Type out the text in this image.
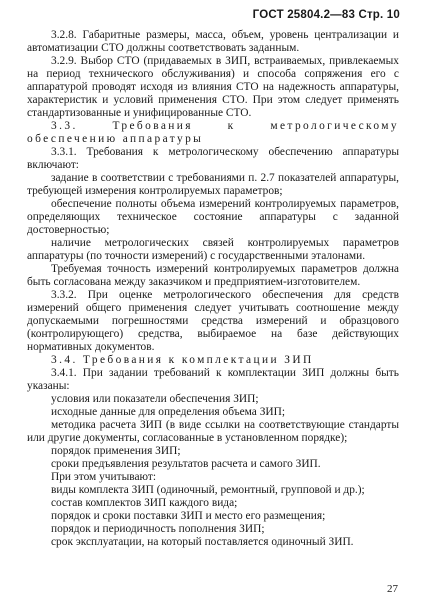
ГОСТ 25804.2—83 Стр. 10

3.2.8. Габаритные размеры, масса, объем, уровень централизации и автоматизации СТО должны соответствовать заданным.

3.2.9. Выбор СТО (придаваемых в ЗИП, встраиваемых, привлекаемых на период технического обслуживания) и способа сопряжения его с аппаратурой проводят исходя из влияния СТО на надежность аппаратуры, характеристик и условий применения СТО. При этом следует применять стандартизованные и унифицированные СТО.

3.3. Требования к метрологическому обеспечению аппаратуры

3.3.1. Требования к метрологическому обеспечению аппаратуры включают:

задание в соответствии с требованиями п. 2.7 показателей аппаратуры, требующей измерения контролируемых параметров;

обеспечение полноты объема измерений контролируемых параметров, определяющих техническое состояние аппаратуры с заданной достоверностью;

наличие метрологических связей контролируемых параметров аппаратуры (по точности измерений) с государственными эталонами.

Требуемая точность измерений контролируемых параметров должна быть согласована между заказчиком и предприятием-изготовителем.

3.3.2. При оценке метрологического обеспечения для средств измерений общего применения следует учитывать соотношение между допускаемыми погрешностями средства измерений и образцового (контролирующего) средства, выбираемое на базе действующих нормативных документов.

3.4. Требования к комплектации ЗИП

3.4.1. При задании требований к комплектации ЗИП должны быть указаны:

условия или показатели обеспечения ЗИП;

исходные данные для определения объема ЗИП;

методика расчета ЗИП (в виде ссылки на соответствующие стандарты или другие документы, согласованные в установленном порядке);

порядок применения ЗИП;

сроки предъявления результатов расчета и самого ЗИП.

При этом учитывают:

виды комплекта ЗИП (одиночный, ремонтный, групповой и др.);

состав комплектов ЗИП каждого вида;

порядок и сроки поставки ЗИП и место его размещения;

порядок и периодичность пополнения ЗИП;

срок эксплуатации, на который поставляется одиночный ЗИП.

27
